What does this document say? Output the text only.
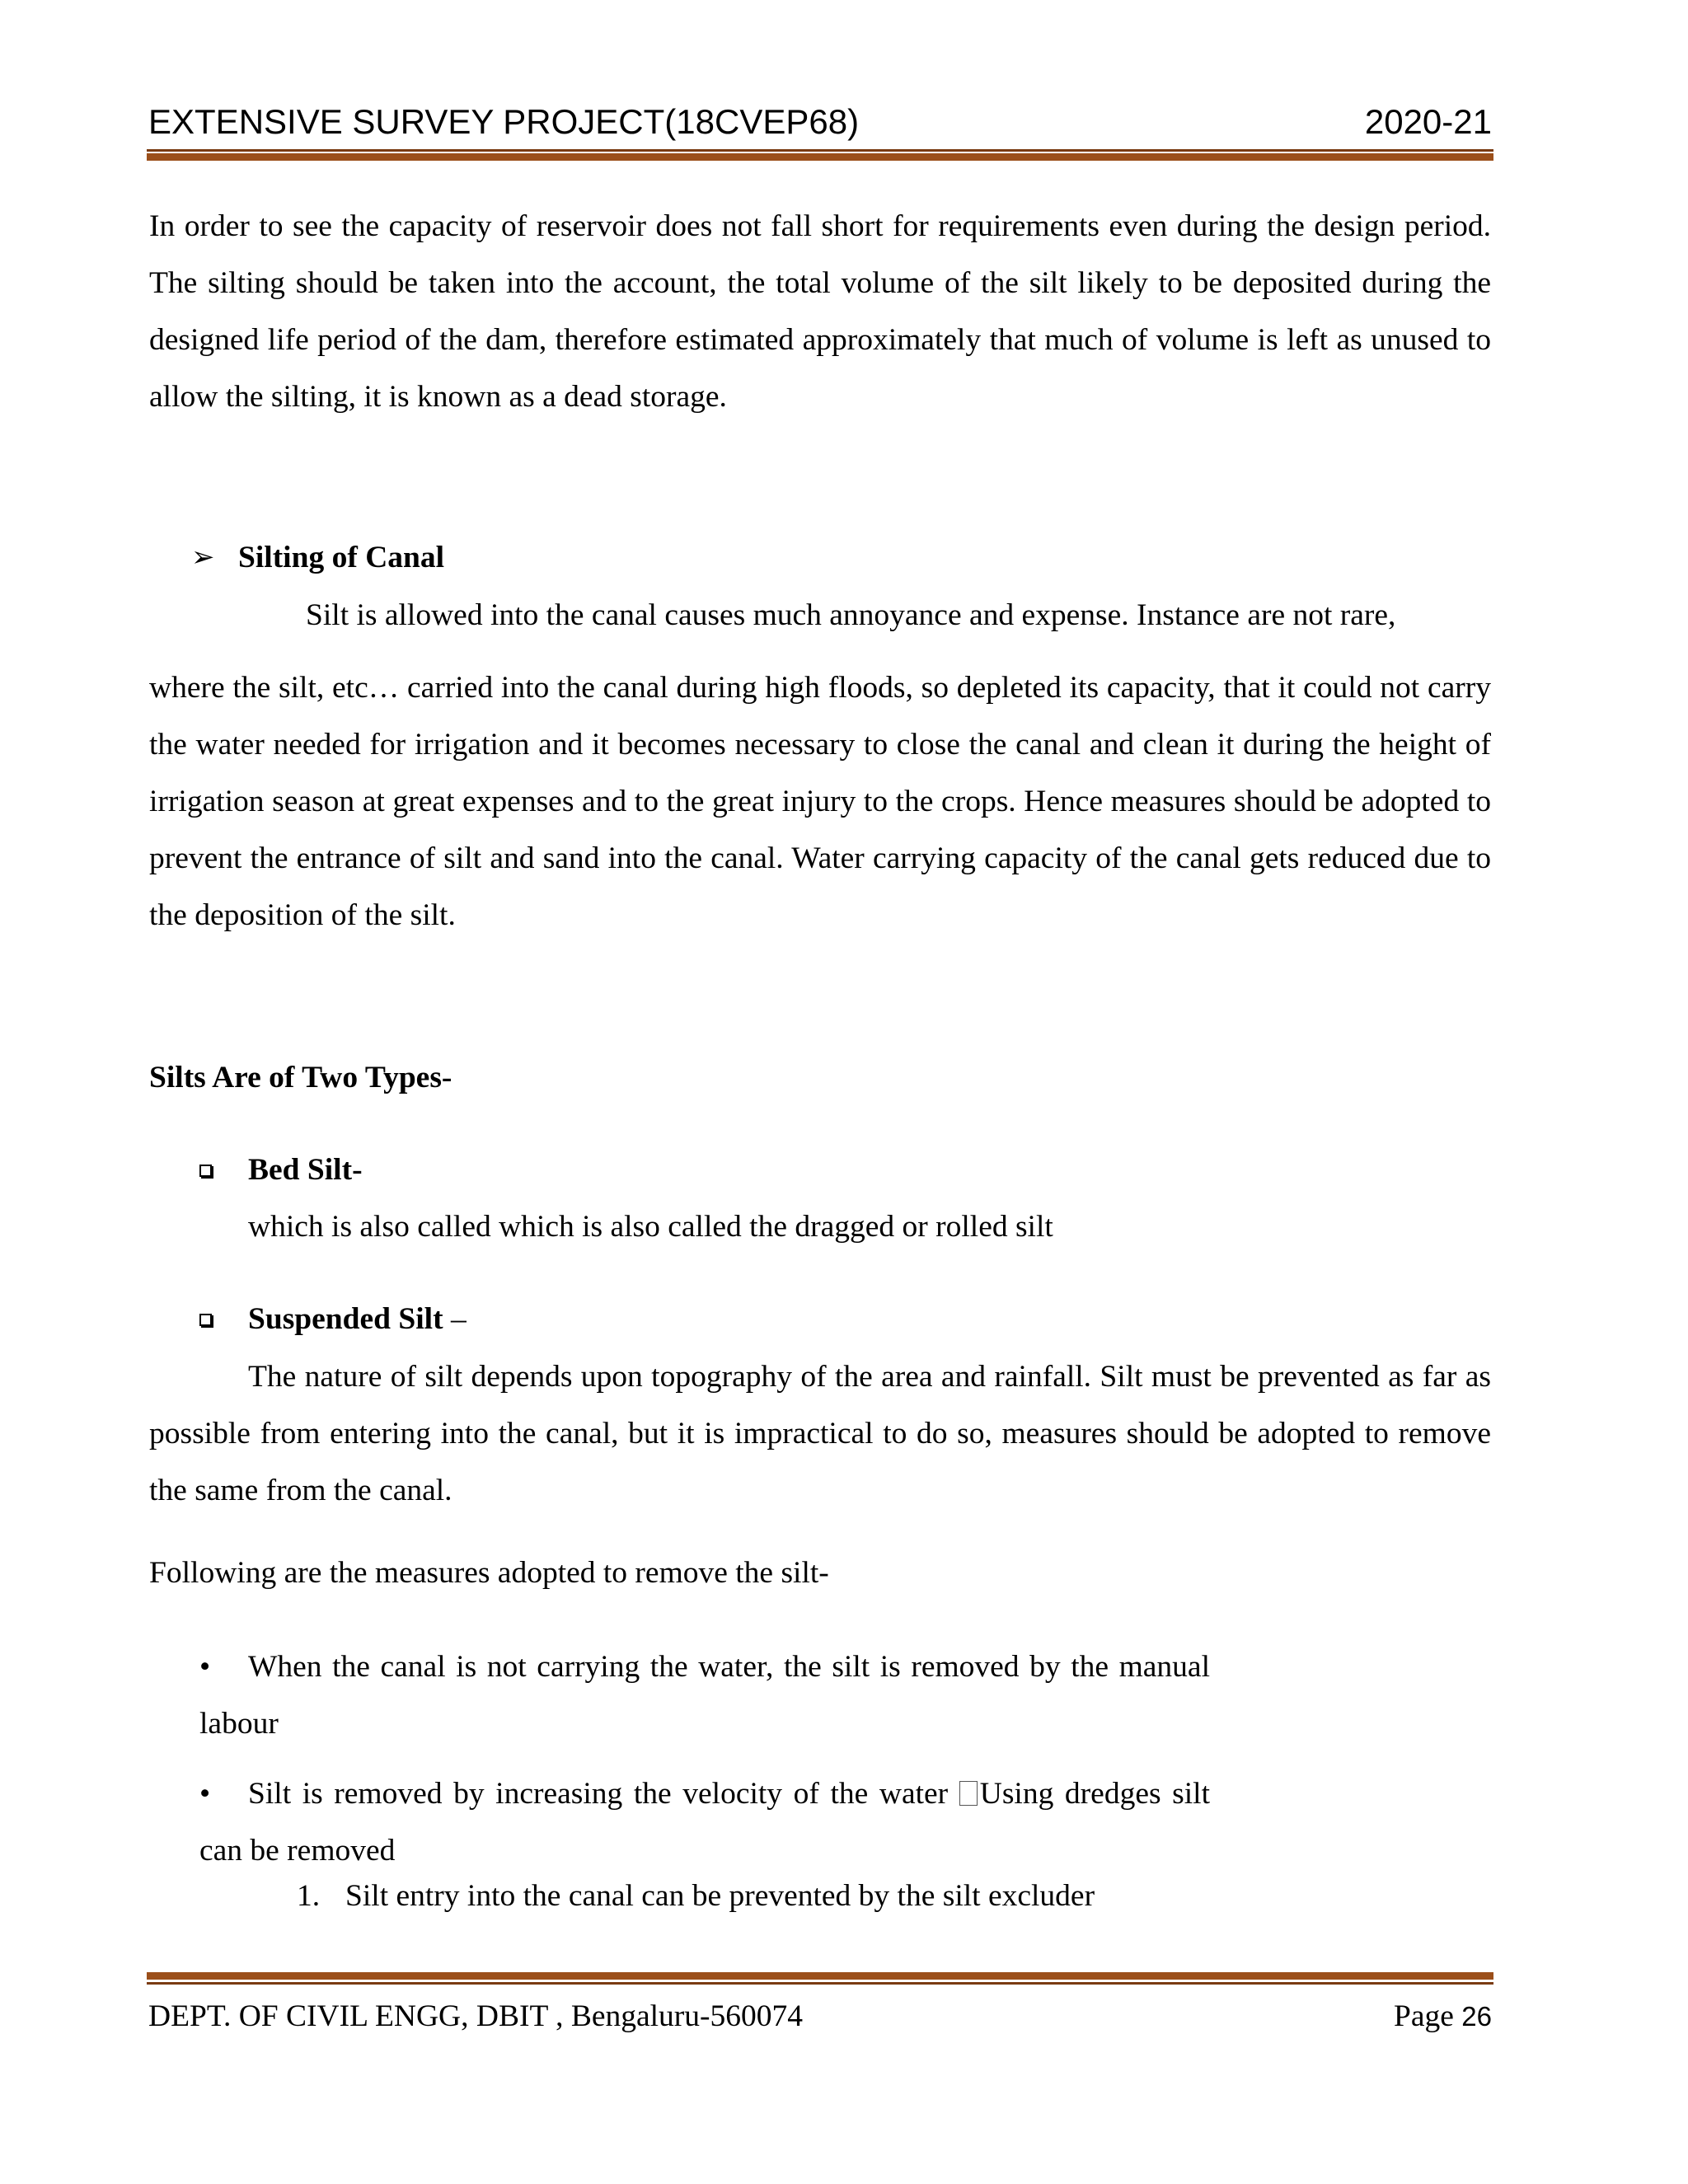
EXTENSIVE SURVEY PROJECT(18CVEP68)	2020-21
In order to see the capacity of reservoir does not fall short for requirements even during the design period. The silting should be taken into the account, the total volume of the silt likely to be deposited during the designed life period of the dam, therefore estimated approximately that much of volume is left as unused to allow the silting, it is known as a dead storage.
➢ Silting of Canal
Silt is allowed into the canal causes much annoyance and expense. Instance are not rare,
where the silt, etc… carried into the canal during high floods, so depleted its capacity, that it could not carry the water needed for irrigation and it becomes necessary to close the canal and clean it during the height of irrigation season at great expenses and to the great injury to the crops. Hence measures should be adopted to prevent the entrance of silt and sand into the canal. Water carrying capacity of the canal gets reduced due to the deposition of the silt.
Silts Are of Two Types-
Bed Silt-
which is also called which is also called the dragged or rolled silt
Suspended Silt –
The nature of silt depends upon topography of the area and rainfall. Silt must be prevented as far as possible from entering into the canal, but it is impractical to do so, measures should be adopted to remove the same from the canal.
Following are the measures adopted to remove the silt-
•	When the canal is not carrying the water, the silt is removed by the manual labour
•	Silt is removed by increasing the velocity of the water Using dredges silt can be removed
1. Silt entry into the canal can be prevented by the silt excluder
DEPT. OF CIVIL ENGG, DBIT , Bengaluru-560074	Page 26
